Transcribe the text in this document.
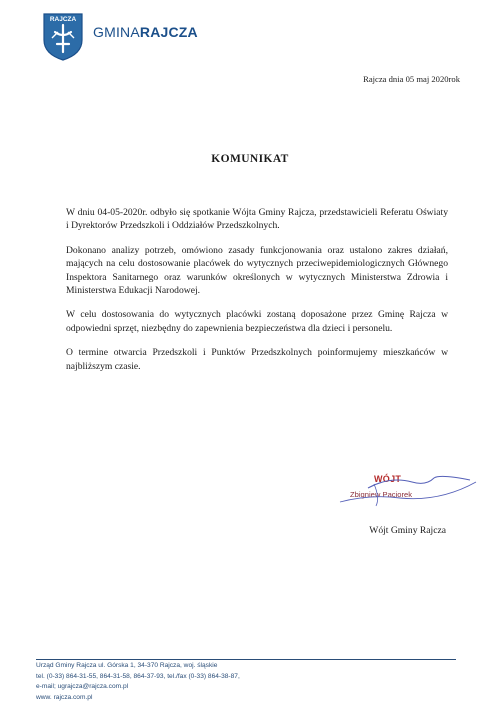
RAJCZA
GMINARAJCZA
Rajcza dnia 05 maj 2020rok
KOMUNIKAT

W dniu 04-05-2020r. odbyło się spotkanie Wójta Gminy Rajcza, przedstawicieli Referatu Oświaty i Dyrektorów Przedszkoli i Oddziałów Przedszkolnych.

Dokonano analizy potrzeb, omówiono zasady funkcjonowania oraz ustalono zakres działań, mających na celu dostosowanie placówek do wytycznych przeciwepidemiologicznych Głównego Inspektora Sanitarnego oraz warunków określonych w wytycznych Ministerstwa Zdrowia i Ministerstwa Edukacji Narodowej.

W celu dostosowania do wytycznych placówki zostaną doposażone przez Gminę Rajcza w odpowiedni sprzęt, niezbędny do zapewnienia bezpieczeństwa dla dzieci i personelu.

O termine otwarcia Przedszkoli i Punktów Przedszkolnych poinformujemy mieszkańców w najbliższym czasie.

WÓJT
Zbigniew Paciorek
Wójt Gminy Rajcza
Urząd Gminy Rajcza ul. Górska 1, 34-370 Rajcza, woj. śląskie
tel. (0-33) 864-31-55, 864-31-58, 864-37-93, tel./fax (0-33) 864-38-87,
e-mail; ugrajcza@rajcza.com.pl
www. rajcza.com.pl
